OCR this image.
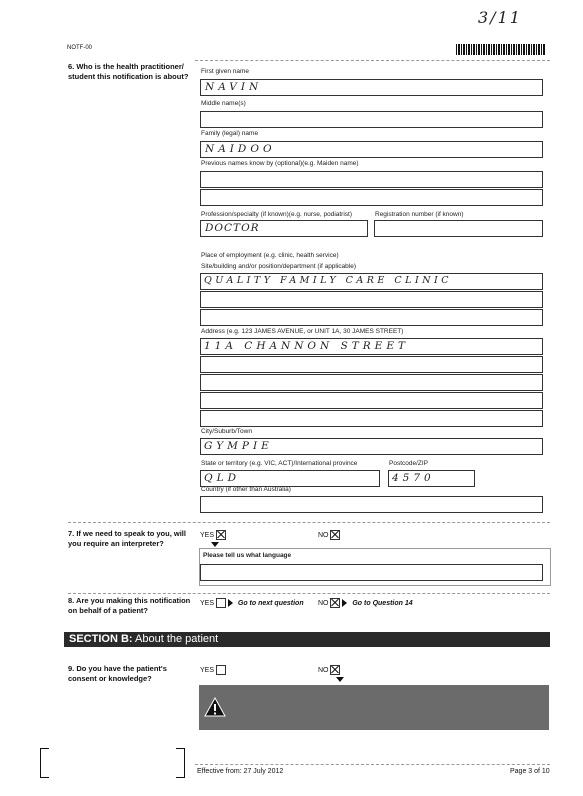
3/11
NOTF-00
6. Who is the health practitioner/ student this notification is about?
First given name
NAVIN
Middle name(s)
Family (legal) name
NAIDOO
Previous names know by (optional)(e.g. Maiden name)
Profession/specialty (if known)(e.g. nurse, podiatrist)
DOCTOR
Registration number (if known)
Place of employment (e.g. clinic, health service)
Site/building and/or position/department (if applicable)
QUALITY FAMILY CARE CLINIC
Address (e.g. 123 JAMES AVENUE, or UNIT 1A, 30 JAMES STREET)
11A CHANNON STREET
City/Suburb/Town
GYMPIE
State or territory (e.g. VIC, ACT)/International province
QLD
Postcode/ZIP
4570
Country (if other than Australia)
7. If we need to speak to you, will you require an interpreter?
YES	NO
Please tell us what language
8. Are you making this notification on behalf of a patient?
YES	Go to next question NO	Go to Question 14
SECTION B: About the patient
9. Do you have the patient's consent or knowledge?
YES	NO
Effective from: 27 July 2012	Page 3 of 10
